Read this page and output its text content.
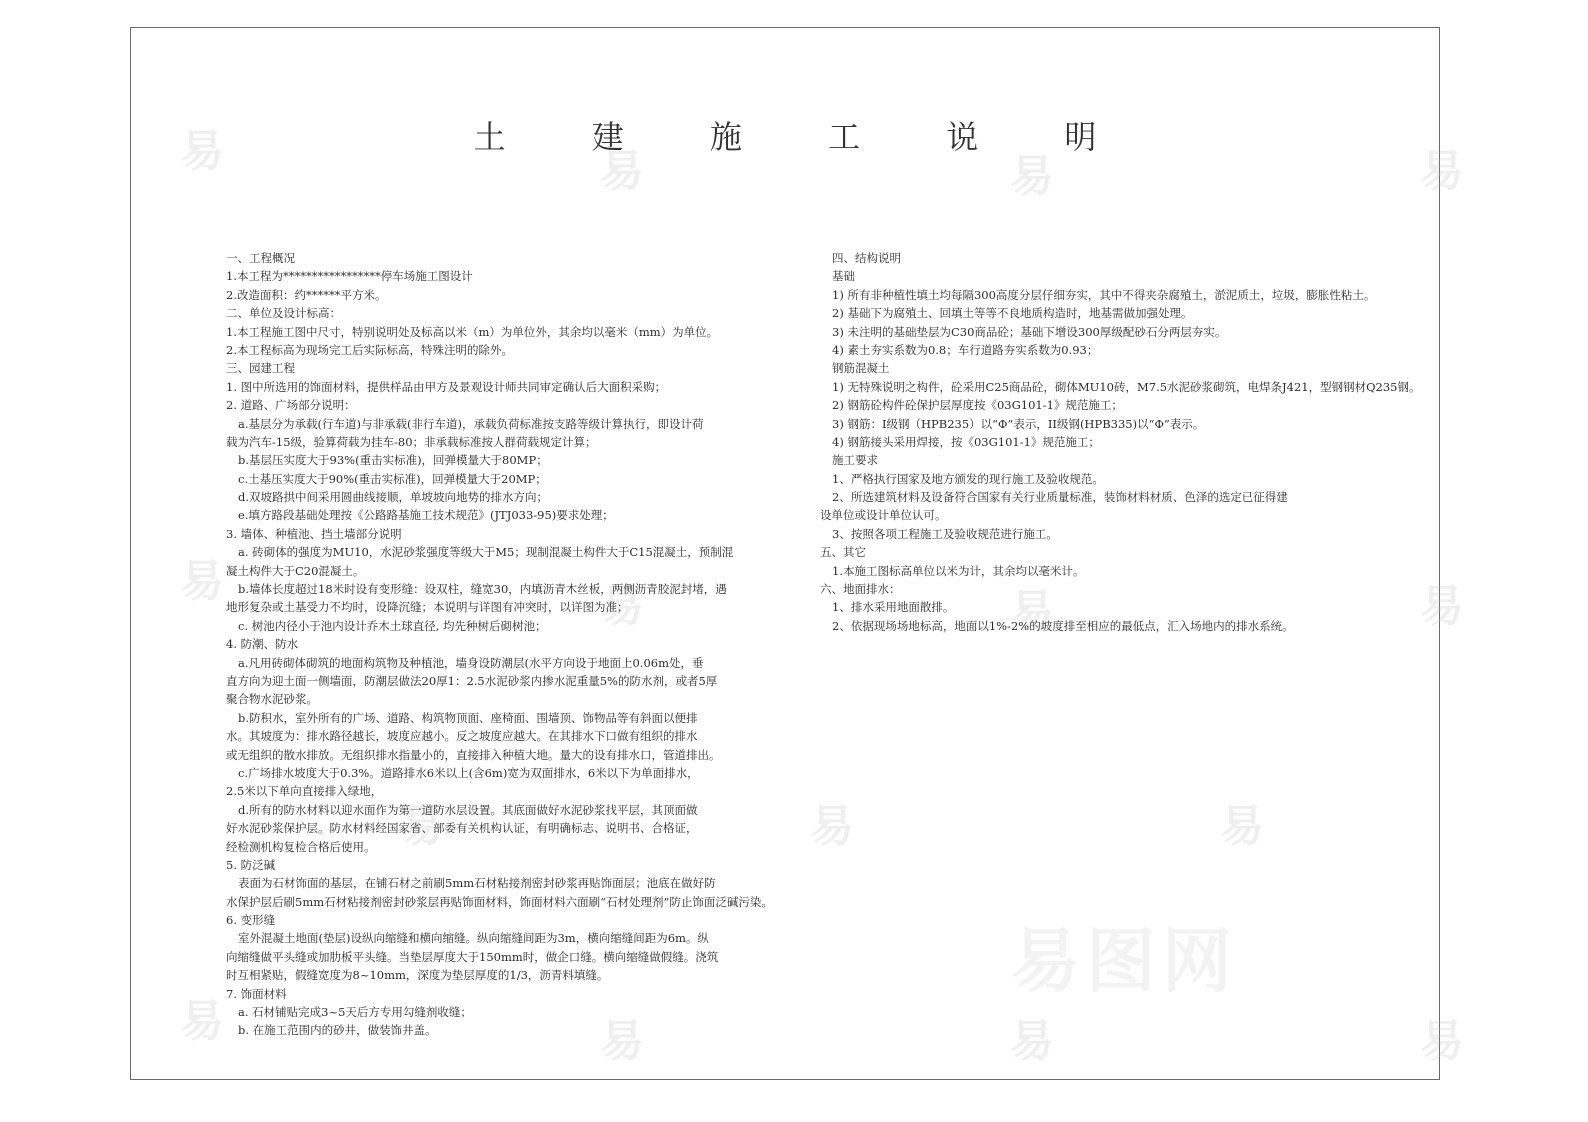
易	易	易	易
易	易	易	易
易	易	易
易	易	易	易
易图网
土 建 施 工 说 明
一、工程概况
1.本工程为*****************停车场施工图设计
2.改造面积：约******平方米。
二、单位及设计标高：
1.本工程施工图中尺寸，特别说明处及标高以米（m）为单位外，其余均以毫米（mm）为单位。
2.本工程标高为现场完工后实际标高，特殊注明的除外。
三、园建工程
1. 图中所选用的饰面材料，提供样品由甲方及景观设计师共同审定确认后大面积采购；
2. 道路、广场部分说明：
a.基层分为承载(行车道)与非承载(非行车道)，承载负荷标准按支路等级计算执行，即设计荷
载为汽车-15级，验算荷载为挂车-80；非承载标准按人群荷载规定计算；
b.基层压实度大于93%(重击实标准)，回弹模量大于80MP；
c.土基压实度大于90%(重击实标准)，回弹模量大于20MP；
d.双坡路拱中间采用圆曲线接顺，单坡坡向地势的排水方向；
e.填方路段基础处理按《公路路基施工技术规范》(JTJ033-95)要求处理；
3. 墙体、种植池、挡土墙部分说明
a. 砖砌体的强度为MU10，水泥砂浆强度等级大于M5；现制混凝土构件大于C15混凝土，预制混
凝土构件大于C20混凝土。
b.墙体长度超过18米时设有变形缝：设双柱，缝宽30，内填沥青木丝板，两侧沥青胶泥封堵，遇
地形复杂或土基受力不均时，设降沉缝；本说明与详图有冲突时，以详图为准；
c. 树池内径小于池内设计乔木土球直径, 均先种树后砌树池；
4. 防潮、防水
a.凡用砖砌体砌筑的地面构筑物及种植池，墙身设防潮层(水平方向设于地面上0.06m处，垂
直方向为迎土面一侧墙面，防潮层做法20厚1：2.5水泥砂浆内掺水泥重量5%的防水剂，或者5厚
聚合物水泥砂浆。
b.防积水，室外所有的广场、道路、构筑物顶面、座椅面、围墙顶、饰物品等有斜面以便排
水。其坡度为：排水路径越长，坡度应越小。反之坡度应越大。在其排水下口做有组织的排水
或无组织的散水排放。无组织排水指量小的，直接排入种植大地。量大的设有排水口，管道排出。
c.广场排水坡度大于0.3%。道路排水6米以上(含6m)宽为双面排水，6米以下为单面排水，
2.5米以下单向直接排入绿地，
d.所有的防水材料以迎水面作为第一道防水层设置。其底面做好水泥砂浆找平层，其顶面做
好水泥砂浆保护层。防水材料经国家省、部委有关机构认证，有明确标志、说明书、合格证，
经检测机构复检合格后使用。
5. 防泛碱
表面为石材饰面的基层，在铺石材之前刷5mm石材粘接剂密封砂浆再贴饰面层；池底在做好防
水保护层后刷5mm石材粘接剂密封砂浆层再贴饰面材料，饰面材料六面刷“石材处理剂”防止饰面泛碱污染。
6. 变形缝
室外混凝土地面(垫层)设纵向缩缝和横向缩缝。纵向缩缝间距为3m，横向缩缝间距为6m。纵
向缩缝做平头缝或加肋板平头缝。当垫层厚度大于150mm时，做企口缝。横向缩缝做假缝。浇筑
时互相紧贴，假缝宽度为8~10mm，深度为垫层厚度的1/3，沥青料填缝。
7. 饰面材料
a. 石材铺贴完成3~5天后方专用勾缝剂收缝；
b. 在施工范围内的砂井，做装饰井盖。
四、结构说明
基础
1) 所有非种植性填土均每隔300高度分层仔细夯实，其中不得夹杂腐殖土，淤泥质土，垃圾，膨胀性粘土。
2) 基础下为腐殖土、回填土等等不良地质构造时，地基需做加强处理。
3) 未注明的基础垫层为C30商品砼；基础下增设300厚级配砂石分两层夯实。
4) 素土夯实系数为0.8；车行道路夯实系数为0.93；
钢筋混凝土
1) 无特殊说明之构件，砼采用C25商品砼，砌体MU10砖，M7.5水泥砂浆砌筑，电焊条J421，型钢钢材Q235钢。
2) 钢筋砼构件砼保护层厚度按《03G101-1》规范施工；
3) 钢筋：I级钢（HPB235）以“Φ”表示，II级钢(HPB335)以“Φ”表示。
4) 钢筋接头采用焊接，按《03G101-1》规范施工；
施工要求
1、严格执行国家及地方颁发的现行施工及验收规范。
2、所选建筑材料及设备符合国家有关行业质量标准，装饰材料材质、色泽的选定已征得建
设单位或设计单位认可。
3、按照各项工程施工及验收规范进行施工。
五、其它
1.本施工图标高单位以米为计，其余均以毫米计。
六、地面排水：
1、排水采用地面散排。
2、依据现场场地标高，地面以1%-2%的坡度排至相应的最低点，汇入场地内的排水系统。
